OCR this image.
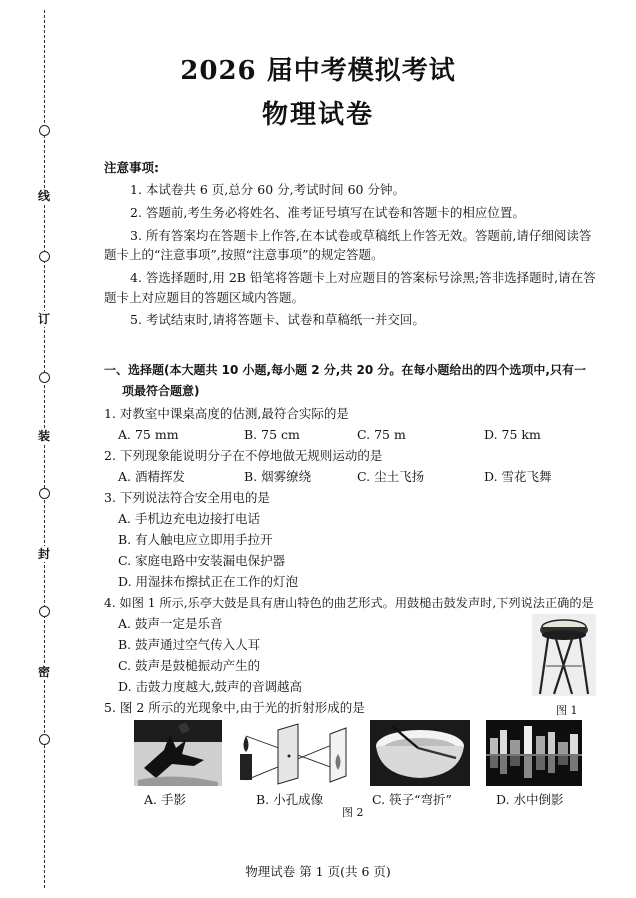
线
订
装
封
密
2026 届中考模拟考试
物理试卷
注意事项:
1. 本试卷共 6 页,总分 60 分,考试时间 60 分钟。
2. 答题前,考生务必将姓名、准考证号填写在试卷和答题卡的相应位置。
3. 所有答案均在答题卡上作答,在本试卷或草稿纸上作答无效。答题前,请仔细阅读答
题卡上的“注意事项”,按照“注意事项”的规定答题。
4. 答选择题时,用 2B 铅笔将答题卡上对应题目的答案标号涂黑;答非选择题时,请在答
题卡上对应题目的答题区域内答题。
5. 考试结束时,请将答题卡、试卷和草稿纸一并交回。
一、选择题(本大题共 10 小题,每小题 2 分,共 20 分。在每小题给出的四个选项中,只有一
项最符合题意)
1. 对教室中课桌高度的估测,最符合实际的是
A. 75 mm	B. 75 cm	C. 75 m	D. 75 km
2. 下列现象能说明分子在不停地做无规则运动的是
A. 酒精挥发	B. 烟雾缭绕	C. 尘土飞扬	D. 雪花飞舞
3. 下列说法符合安全用电的是
A. 手机边充电边接打电话
B. 有人触电应立即用手拉开
C. 家庭电路中安装漏电保护器
D. 用湿抹布擦拭正在工作的灯泡
4. 如图 1 所示,乐亭大鼓是具有唐山特色的曲艺形式。用鼓槌击鼓发声时,下列说法正确的是
A. 鼓声一定是乐音
B. 鼓声通过空气传入人耳
C. 鼓声是鼓槌振动产生的
D. 击鼓力度越大,鼓声的音调越高
图 1
5. 图 2 所示的光现象中,由于光的折射形成的是
A. 手影	B. 小孔成像	C. 筷子“弯折”	D. 水中倒影
图 2
物理试卷 第 1 页(共 6 页)
